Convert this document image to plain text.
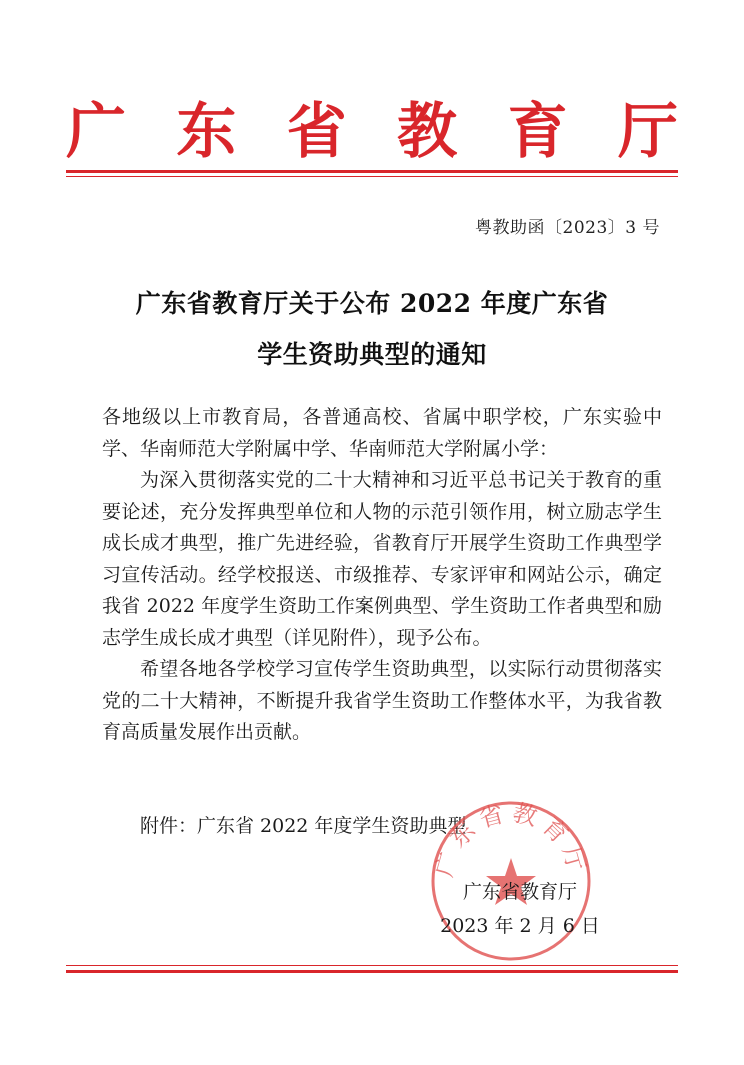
广 东 省 教 育 厅
粤教助函〔2023〕3 号
广东省教育厅关于公布 2022 年度广东省
学生资助典型的通知

各地级以上市教育局，各普通高校、省属中职学校，广东实验中学、华南师范大学附属中学、华南师范大学附属小学：

为深入贯彻落实党的二十大精神和习近平总书记关于教育的重要论述，充分发挥典型单位和人物的示范引领作用，树立励志学生成长成才典型，推广先进经验，省教育厅开展学生资助工作典型学习宣传活动。经学校报送、市级推荐、专家评审和网站公示，确定我省 2022 年度学生资助工作案例典型、学生资助工作者典型和励志学生成长成才典型（详见附件），现予公布。

希望各地各学校学习宣传学生资助典型，以实际行动贯彻落实党的二十大精神，不断提升我省学生资助工作整体水平，为我省教育高质量发展作出贡献。

附件：广东省 2022 年度学生资助典型
广东省教育厅
广东省教育厅
2023 年 2 月 6 日
